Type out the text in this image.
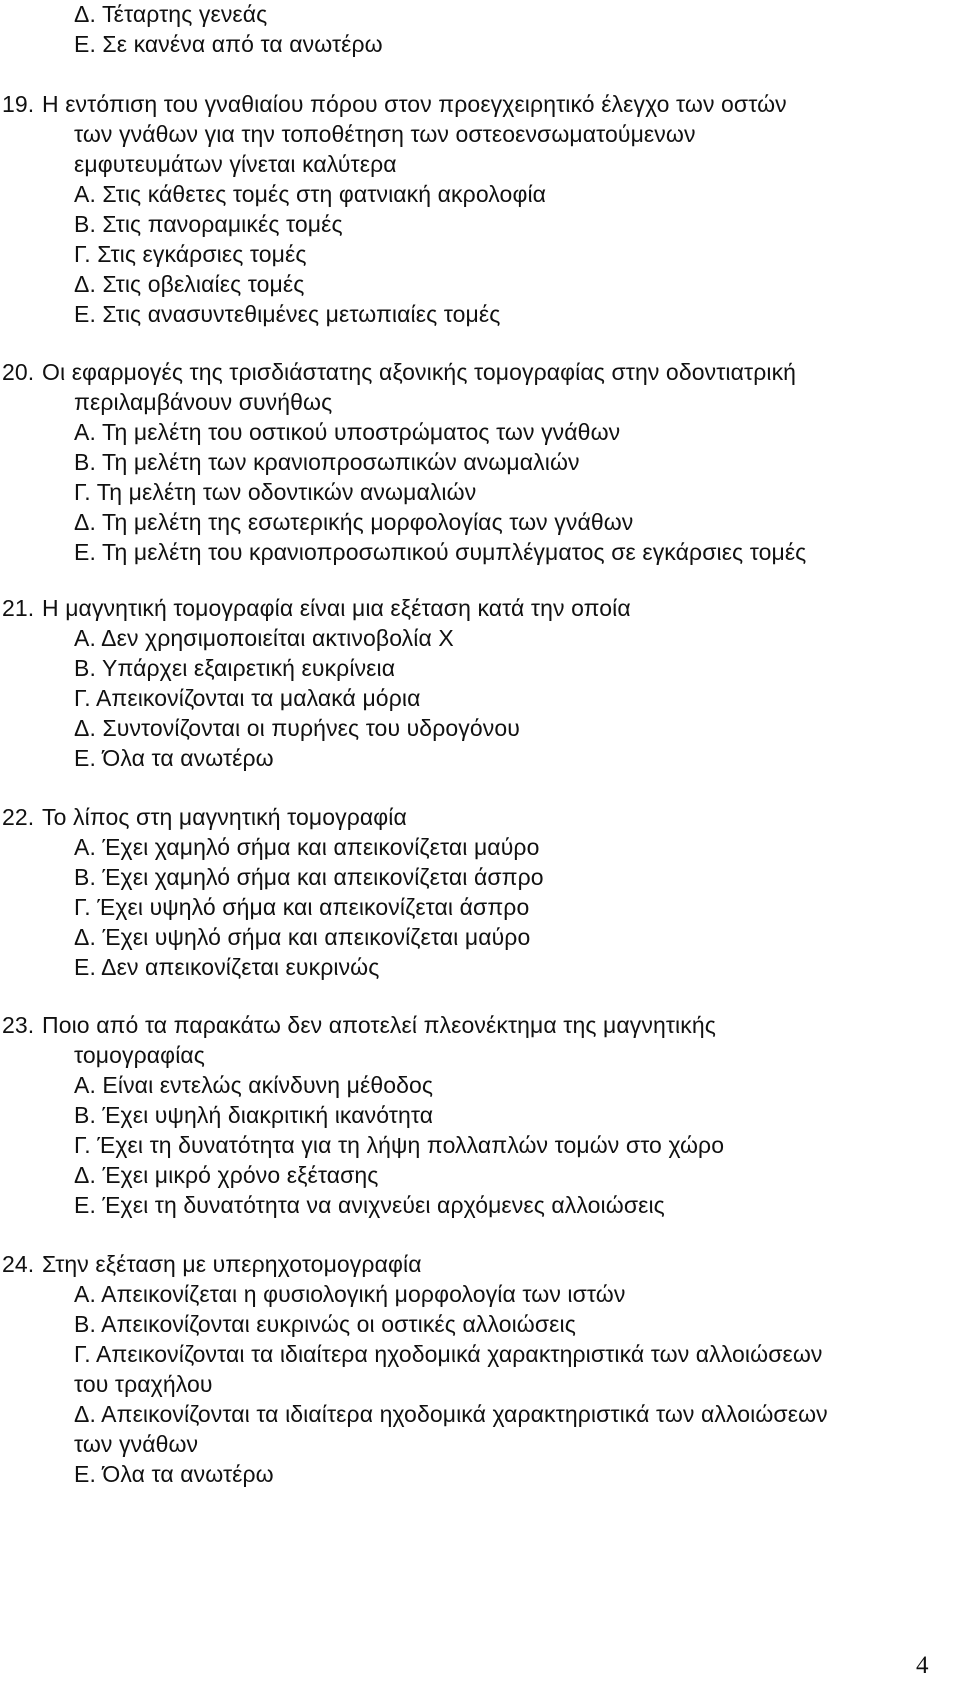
Δ. Τέταρτης γενεάς
Ε. Σε κανένα από τα ανωτέρω
19. Η εντόπιση του γναθιαίου πόρου στον προεγχειρητικό έλεγχο των οστών
των γνάθων για την τοποθέτηση των οστεοενσωματούμενων
εμφυτευμάτων γίνεται καλύτερα
Α. Στις κάθετες τομές στη φατνιακή ακρολοφία
Β. Στις πανοραμικές τομές
Γ. Στις εγκάρσιες τομές
Δ. Στις οβελιαίες τομές
Ε. Στις ανασυντεθιμένες μετωπιαίες τομές
20. Οι εφαρμογές της τρισδιάστατης αξονικής τομογραφίας στην οδοντιατρική
περιλαμβάνουν συνήθως
Α. Τη μελέτη του οστικού υποστρώματος των γνάθων
Β. Τη μελέτη των κρανιοπροσωπικών ανωμαλιών
Γ. Τη μελέτη των οδοντικών ανωμαλιών
Δ. Τη μελέτη της εσωτερικής μορφολογίας των γνάθων
Ε. Τη μελέτη του κρανιοπροσωπικού συμπλέγματος σε εγκάρσιες τομές
21. Η μαγνητική τομογραφία είναι μια εξέταση κατά την οποία
Α. Δεν χρησιμοποιείται ακτινοβολία Χ
Β. Υπάρχει εξαιρετική ευκρίνεια
Γ. Απεικονίζονται τα μαλακά μόρια
Δ. Συντονίζονται οι πυρήνες του υδρογόνου
Ε. Όλα τα ανωτέρω
22. Το λίπος στη μαγνητική τομογραφία
Α. Έχει χαμηλό σήμα και απεικονίζεται μαύρο
Β. Έχει χαμηλό σήμα και απεικονίζεται άσπρο
Γ. Έχει υψηλό σήμα και απεικονίζεται άσπρο
Δ. Έχει υψηλό σήμα και απεικονίζεται μαύρο
Ε. Δεν απεικονίζεται ευκρινώς
23. Ποιο από τα παρακάτω δεν αποτελεί πλεονέκτημα της μαγνητικής
τομογραφίας
Α. Είναι εντελώς ακίνδυνη μέθοδος
Β. Έχει υψηλή διακριτική ικανότητα
Γ. Έχει τη δυνατότητα για τη λήψη πολλαπλών τομών στο χώρο
Δ. Έχει μικρό χρόνο εξέτασης
Ε. Έχει τη δυνατότητα να ανιχνεύει αρχόμενες αλλοιώσεις
24. Στην εξέταση με υπερηχοτομογραφία
Α. Απεικονίζεται η φυσιολογική μορφολογία των ιστών
Β. Απεικονίζονται ευκρινώς οι οστικές αλλοιώσεις
Γ. Απεικονίζονται τα ιδιαίτερα ηχοδομικά χαρακτηριστικά των αλλοιώσεων
του τραχήλου
Δ. Απεικονίζονται τα ιδιαίτερα ηχοδομικά χαρακτηριστικά των αλλοιώσεων
των γνάθων
Ε. Όλα τα ανωτέρω
4
